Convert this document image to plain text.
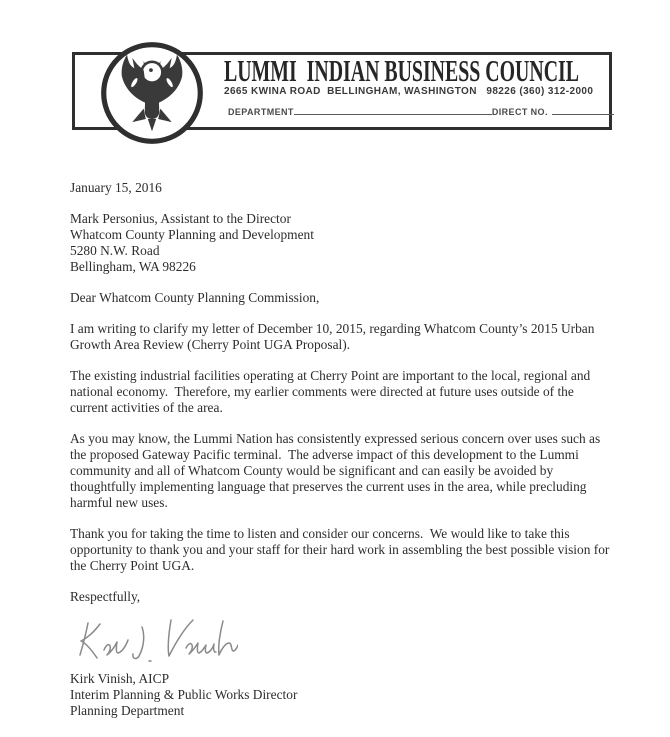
LUMMI  INDIAN BUSINESS COUNCIL
2665 KWINA ROAD  BELLINGHAM, WASHINGTON   98226 (360) 312-2000
DEPARTMENT	DIRECT NO.

January 15, 2016

Mark Personius, Assistant to the Director
Whatcom County Planning and Development
5280 N.W. Road
Bellingham, WA 98226

Dear Whatcom County Planning Commission,

I am writing to clarify my letter of December 10, 2015, regarding Whatcom County’s 2015 Urban Growth Area Review (Cherry Point UGA Proposal).

The existing industrial facilities operating at Cherry Point are important to the local, regional and national economy.  Therefore, my earlier comments were directed at future uses outside of the current activities of the area.

As you may know, the Lummi Nation has consistently expressed serious concern over uses such as the proposed Gateway Pacific terminal.  The adverse impact of this development to the Lummi community and all of Whatcom County would be significant and can easily be avoided by thoughtfully implementing language that preserves the current uses in the area, while precluding harmful new uses.

Thank you for taking the time to listen and consider our concerns.  We would like to take this opportunity to thank you and your staff for their hard work in assembling the best possible vision for the Cherry Point UGA.

Respectfully,

Kirk Vinish, AICP
Interim Planning & Public Works Director
Planning Department
